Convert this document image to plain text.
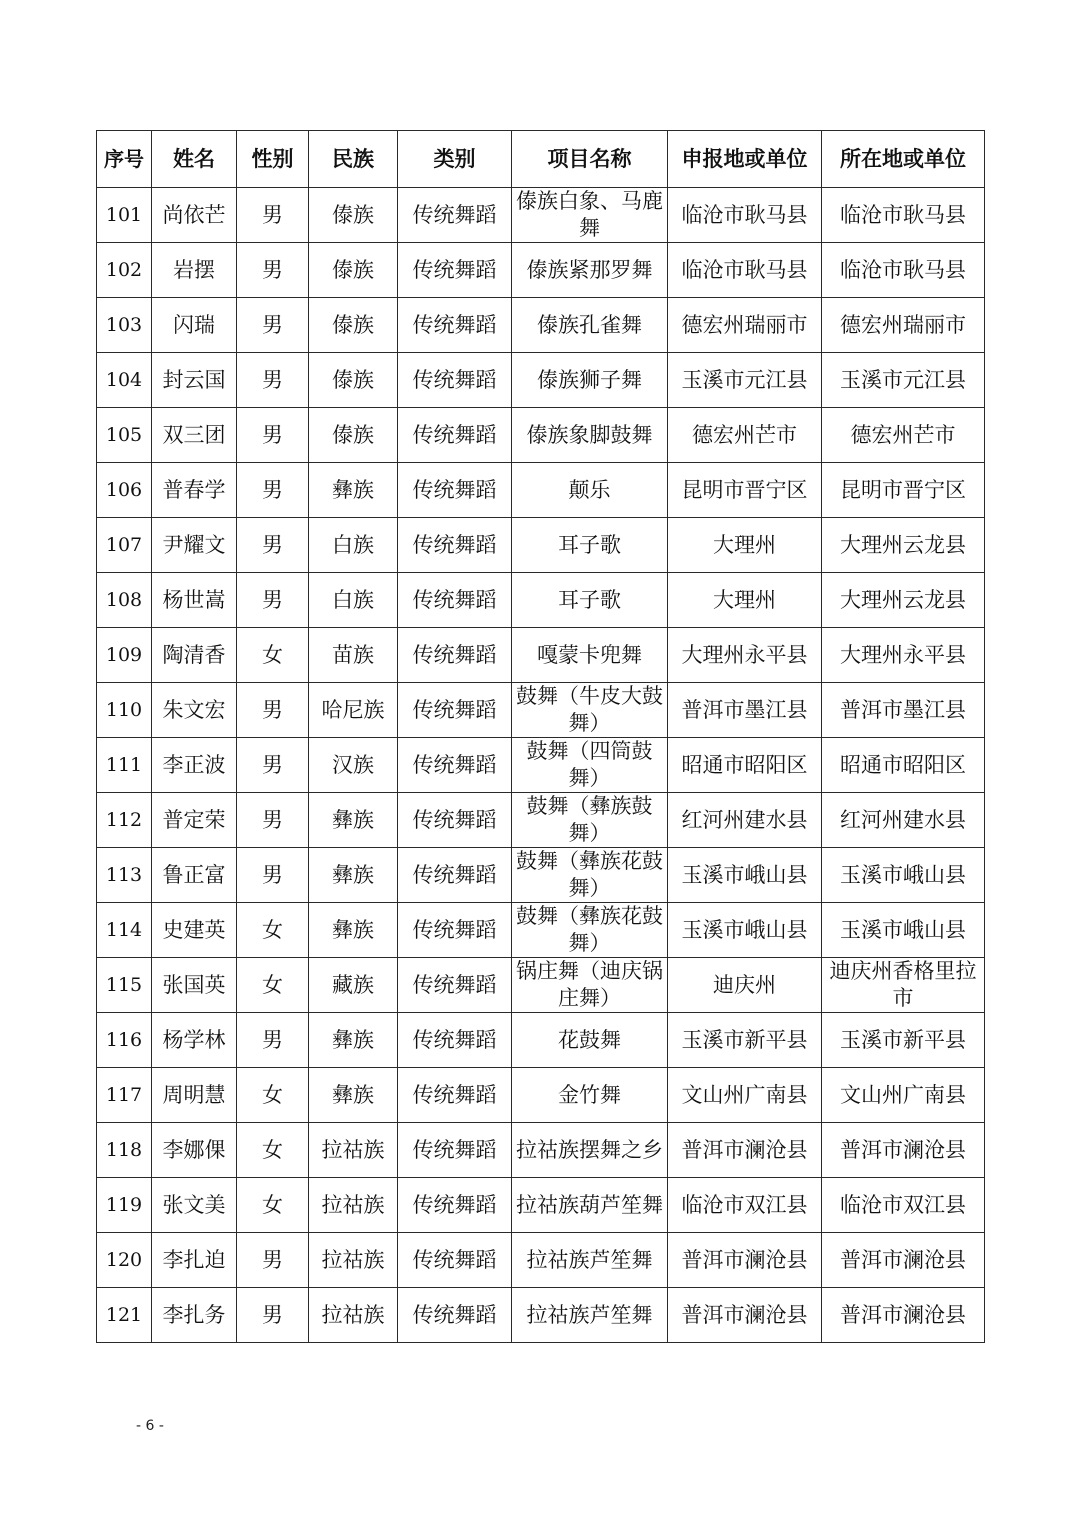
序号	姓名	性别	民族	类别	项目名称	申报地或单位	所在地或单位
101	尚依芒	男	傣族	传统舞蹈	傣族白象、马鹿舞	临沧市耿马县	临沧市耿马县
102	岩摆	男	傣族	传统舞蹈	傣族紧那罗舞	临沧市耿马县	临沧市耿马县
103	闪瑞	男	傣族	传统舞蹈	傣族孔雀舞	德宏州瑞丽市	德宏州瑞丽市
104	封云国	男	傣族	传统舞蹈	傣族狮子舞	玉溪市元江县	玉溪市元江县
105	双三团	男	傣族	传统舞蹈	傣族象脚鼓舞	德宏州芒市	德宏州芒市
106	普春学	男	彝族	传统舞蹈	颠乐	昆明市晋宁区	昆明市晋宁区
107	尹耀文	男	白族	传统舞蹈	耳子歌	大理州	大理州云龙县
108	杨世嵩	男	白族	传统舞蹈	耳子歌	大理州	大理州云龙县
109	陶清香	女	苗族	传统舞蹈	嘎蒙卡兜舞	大理州永平县	大理州永平县
110	朱文宏	男	哈尼族	传统舞蹈	鼓舞（牛皮大鼓舞）	普洱市墨江县	普洱市墨江县
111	李正波	男	汉族	传统舞蹈	鼓舞（四筒鼓舞）	昭通市昭阳区	昭通市昭阳区
112	普定荣	男	彝族	传统舞蹈	鼓舞（彝族鼓舞）	红河州建水县	红河州建水县
113	鲁正富	男	彝族	传统舞蹈	鼓舞（彝族花鼓舞）	玉溪市峨山县	玉溪市峨山县
114	史建英	女	彝族	传统舞蹈	鼓舞（彝族花鼓舞）	玉溪市峨山县	玉溪市峨山县
115	张国英	女	藏族	传统舞蹈	锅庄舞（迪庆锅庄舞）	迪庆州	迪庆州香格里拉市
116	杨学林	男	彝族	传统舞蹈	花鼓舞	玉溪市新平县	玉溪市新平县
117	周明慧	女	彝族	传统舞蹈	金竹舞	文山州广南县	文山州广南县
118	李娜倮	女	拉祜族	传统舞蹈	拉祜族摆舞之乡	普洱市澜沧县	普洱市澜沧县
119	张文美	女	拉祜族	传统舞蹈	拉祜族葫芦笙舞	临沧市双江县	临沧市双江县
120	李扎迫	男	拉祜族	传统舞蹈	拉祜族芦笙舞	普洱市澜沧县	普洱市澜沧县
121	李扎务	男	拉祜族	传统舞蹈	拉祜族芦笙舞	普洱市澜沧县	普洱市澜沧县
- 6 -
